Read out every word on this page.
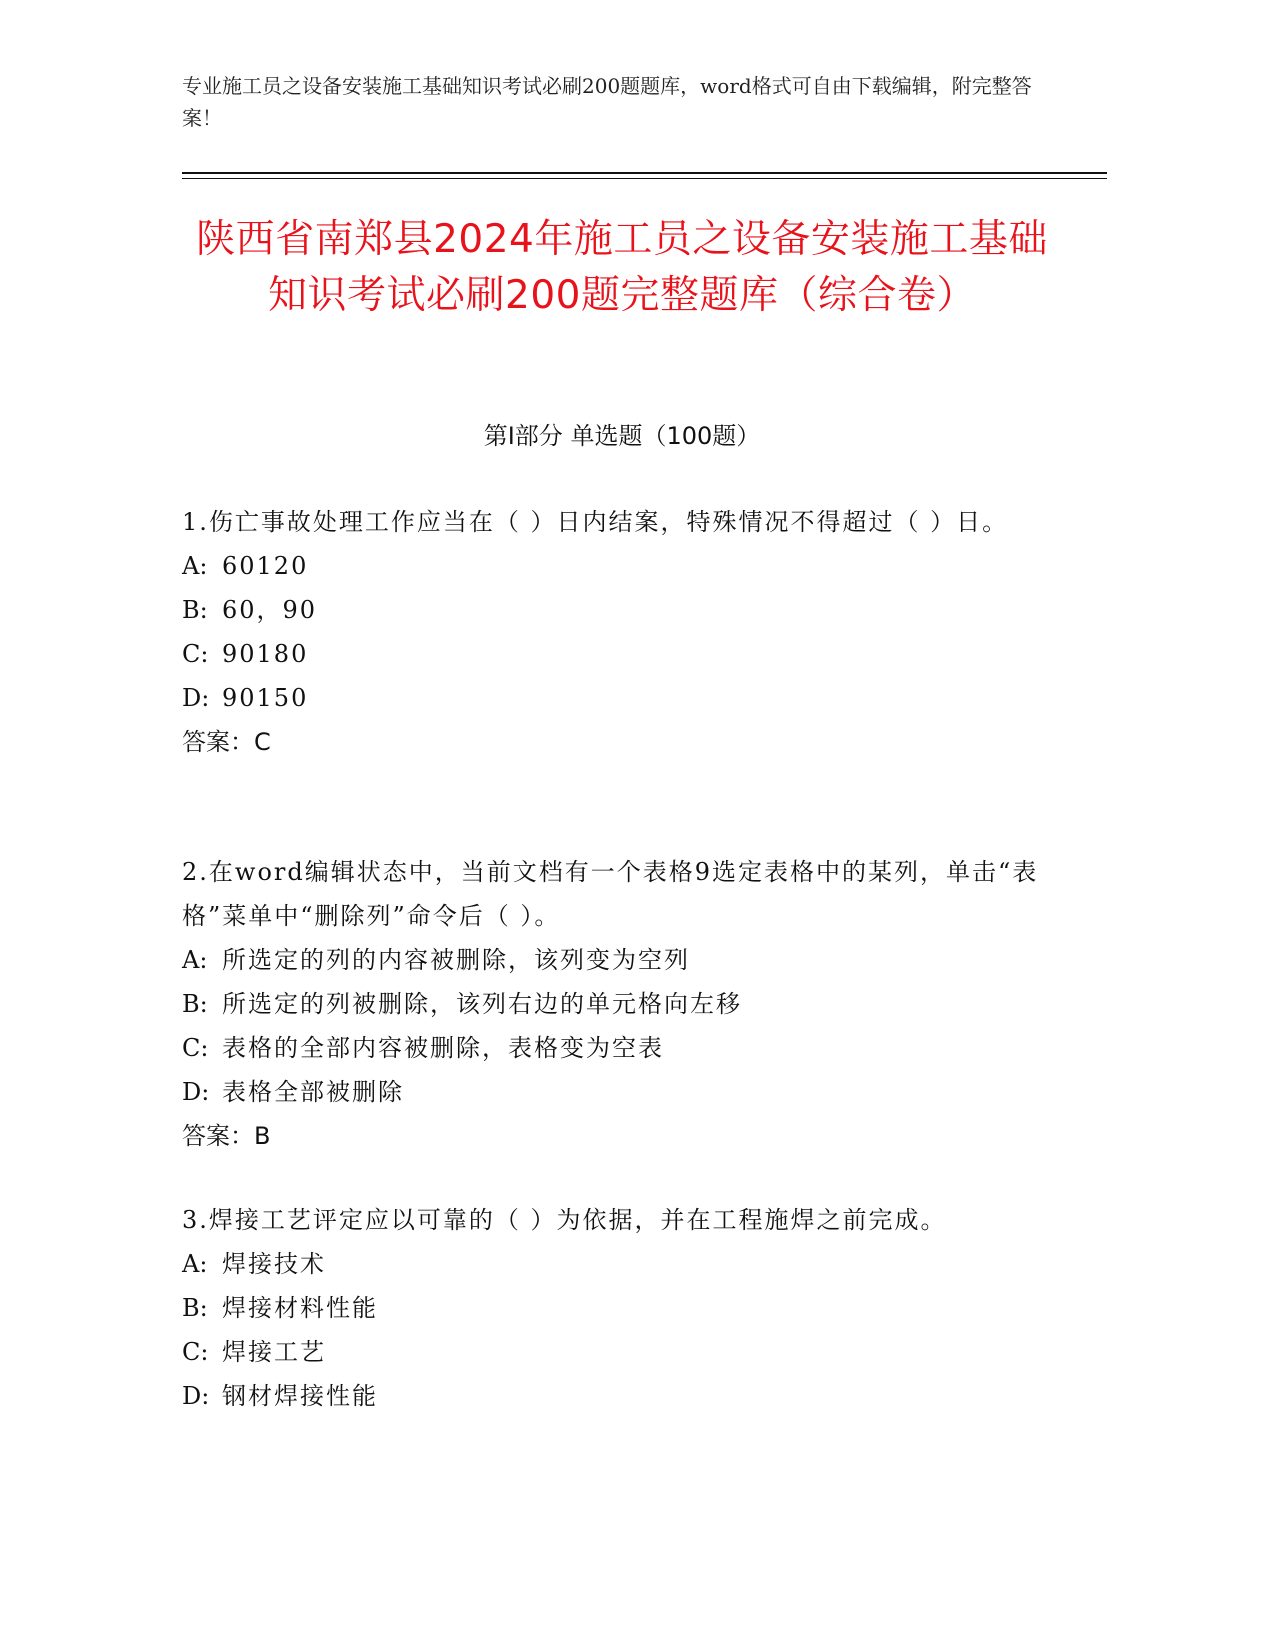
专业施工员之设备安装施工基础知识考试必刷200题题库，word格式可自由下载编辑，附完整答案！
陕西省南郑县2024年施工员之设备安装施工基础知识考试必刷200题完整题库（综合卷）
第Ⅰ部分 单选题（100题）
1.伤亡事故处理工作应当在（ ）日内结案，特殊情况不得超过（ ）日。
A: 60120
B: 60，90
C: 90180
D: 90150
答案：C
2.在word编辑状态中，当前文档有一个表格9选定表格中的某列，单击“表格”菜单中“删除列”命令后（ ）。
A: 所选定的列的内容被删除，该列变为空列
B: 所选定的列被删除，该列右边的单元格向左移
C: 表格的全部内容被删除，表格变为空表
D: 表格全部被删除
答案：B
3.焊接工艺评定应以可靠的（ ）为依据，并在工程施焊之前完成。
A: 焊接技术
B: 焊接材料性能
C: 焊接工艺
D: 钢材焊接性能
